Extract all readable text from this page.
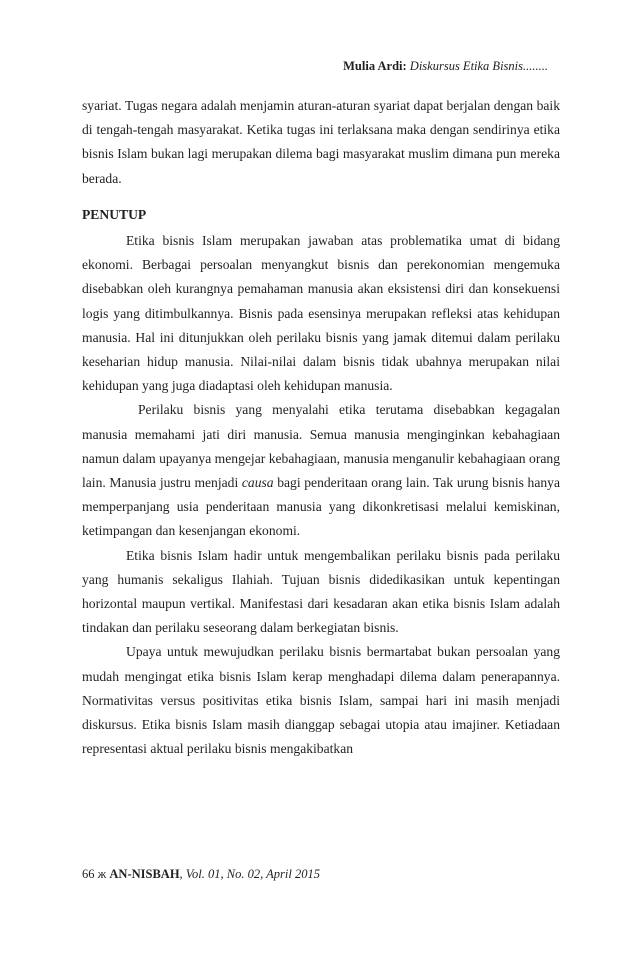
Mulia Ardi: Diskursus Etika Bisnis........

syariat. Tugas negara adalah menjamin aturan-aturan syariat dapat berjalan dengan baik di tengah-tengah masyarakat. Ketika tugas ini terlaksana maka dengan sendirinya etika bisnis Islam bukan lagi merupakan dilema bagi masyarakat muslim dimana pun mereka berada.

PENUTUP

Etika bisnis Islam merupakan jawaban atas problematika umat di bidang ekonomi. Berbagai persoalan menyangkut bisnis dan perekonomian mengemuka disebabkan oleh kurangnya pemahaman manusia akan eksistensi diri dan konsekuensi logis yang ditimbulkannya. Bisnis pada esensinya merupakan refleksi atas kehidupan manusia. Hal ini ditunjukkan oleh perilaku bisnis yang jamak ditemui dalam perilaku keseharian hidup manusia. Nilai-nilai dalam bisnis tidak ubahnya merupakan nilai kehidupan yang juga diadaptasi oleh kehidupan manusia.

Perilaku bisnis yang menyalahi etika terutama disebabkan kegagalan manusia memahami jati diri manusia. Semua manusia menginginkan kebahagiaan namun dalam upayanya mengejar kebahagiaan, manusia menganulir kebahagiaan orang lain. Manusia justru menjadi causa bagi penderitaan orang lain. Tak urung bisnis hanya memperpanjang usia penderitaan manusia yang dikonkretisasi melalui kemiskinan, ketimpangan dan kesenjangan ekonomi.

Etika bisnis Islam hadir untuk mengembalikan perilaku bisnis pada perilaku yang humanis sekaligus Ilahiah. Tujuan bisnis didedikasikan untuk kepentingan horizontal maupun vertikal. Manifestasi dari kesadaran akan etika bisnis Islam adalah tindakan dan perilaku seseorang dalam berkegiatan bisnis.

Upaya untuk mewujudkan perilaku bisnis bermartabat bukan persoalan yang mudah mengingat etika bisnis Islam kerap menghadapi dilema dalam penerapannya. Normativitas versus positivitas etika bisnis Islam, sampai hari ini masih menjadi diskursus. Etika bisnis Islam masih dianggap sebagai utopia atau imajiner. Ketiadaan representasi aktual perilaku bisnis mengakibatkan

66 ж AN-NISBAH, Vol. 01, No. 02, April 2015
